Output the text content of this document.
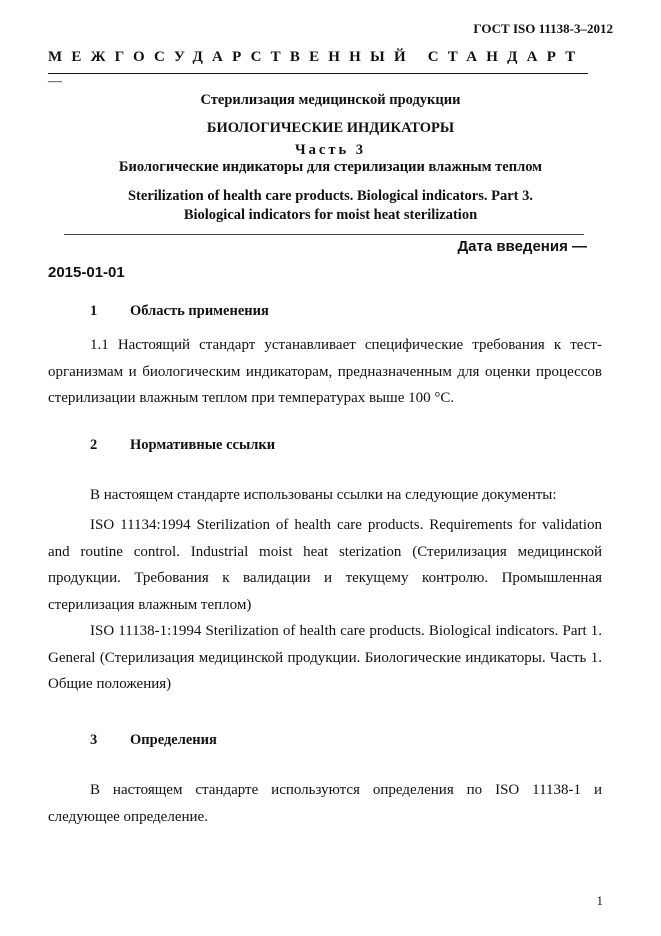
ГОСТ ISO 11138-3–2012
МЕЖГОСУДАРСТВЕННЫЙ СТАНДАРТ
—
Стерилизация медицинской продукции
БИОЛОГИЧЕСКИЕ ИНДИКАТОРЫ
Часть 3
Биологические индикаторы для стерилизации влажным теплом
Sterilization of health care products. Biological indicators. Part 3.
Biological indicators for moist heat sterilization
Дата введения —
2015-01-01
1 Область применения
1.1 Настоящий стандарт устанавливает специфические требования к тест-организмам и биологическим индикаторам, предназначенным для оценки процессов стерилизации влажным теплом при температурах выше 100 °С.
2 Нормативные ссылки
В настоящем стандарте использованы ссылки на следующие документы:
ISO 11134:1994 Sterilization of health care products. Requirements for validation and routine control. Industrial moist heat sterization (Стерилизация медицинской продукции. Требования к валидации и текущему контролю. Промышленная стерилизация влажным теплом)
ISO 11138-1:1994 Sterilization of health care products. Biological indicators. Part 1. General (Стерилизация медицинской продукции. Биологические индикаторы. Часть 1. Общие положения)
3 Определения
В настоящем стандарте используются определения по ISO 11138-1 и следующее определение.
1
